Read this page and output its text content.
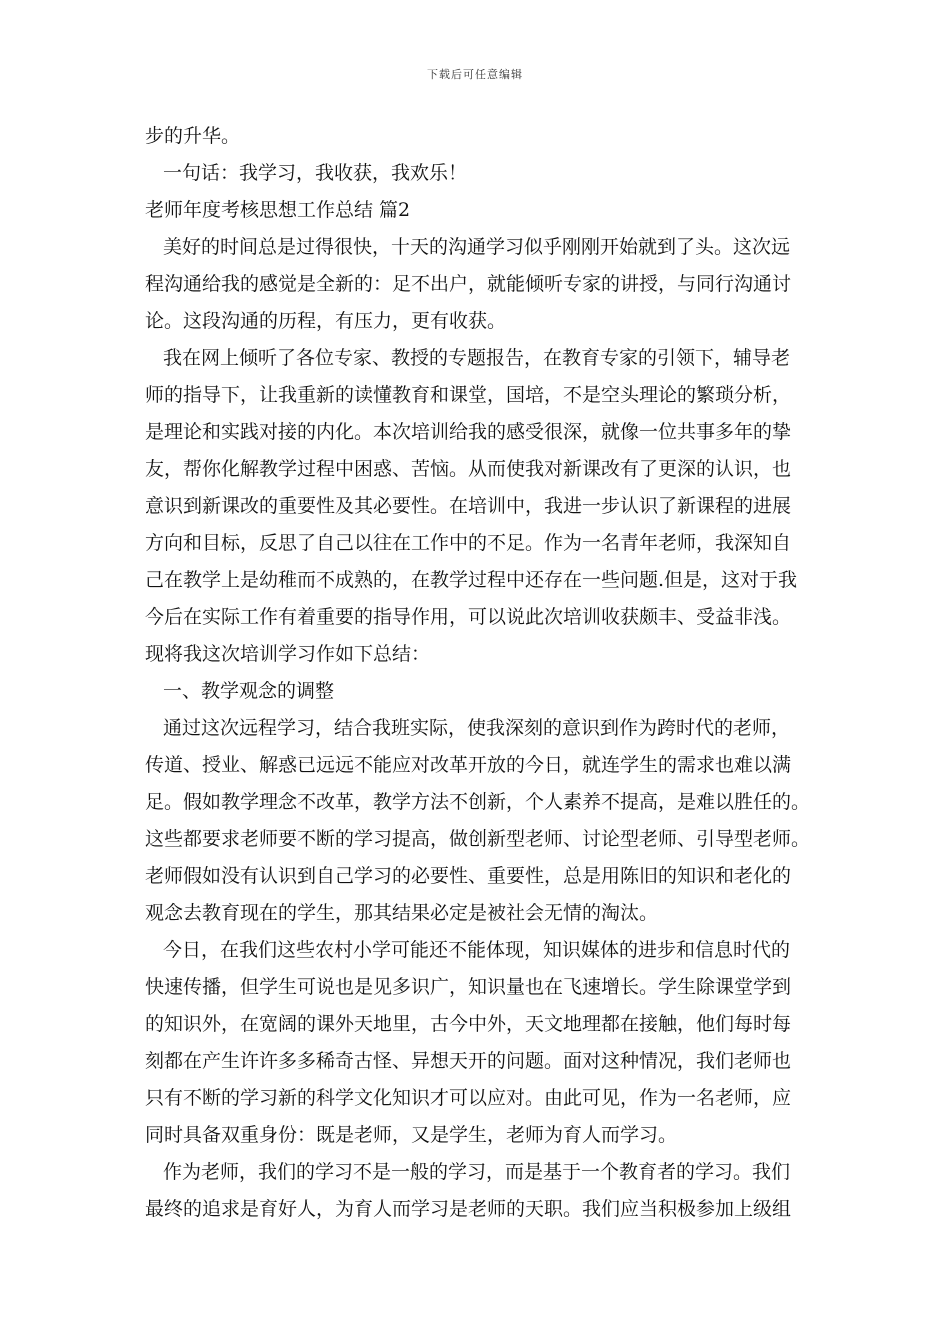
下载后可任意编辑
步的升华。
一句话：我学习，我收获，我欢乐！
老师年度考核思想工作总结 篇2
美好的时间总是过得很快，十天的沟通学习似乎刚刚开始就到了头。这次远
程沟通给我的感觉是全新的：足不出户，就能倾听专家的讲授，与同行沟通讨
论。这段沟通的历程，有压力，更有收获。
我在网上倾听了各位专家、教授的专题报告，在教育专家的引领下，辅导老
师的指导下，让我重新的读懂教育和课堂，国培，不是空头理论的繁琐分析，
是理论和实践对接的内化。本次培训给我的感受很深，就像一位共事多年的挚
友，帮你化解教学过程中困惑、苦恼。从而使我对新课改有了更深的认识，也
意识到新课改的重要性及其必要性。在培训中，我进一步认识了新课程的进展
方向和目标，反思了自己以往在工作中的不足。作为一名青年老师，我深知自
己在教学上是幼稚而不成熟的，在教学过程中还存在一些问题.但是，这对于我
今后在实际工作有着重要的指导作用，可以说此次培训收获颇丰、受益非浅。
现将我这次培训学习作如下总结：
一、教学观念的调整
通过这次远程学习，结合我班实际，使我深刻的意识到作为跨时代的老师，
传道、授业、解惑已远远不能应对改革开放的今日，就连学生的需求也难以满
足。假如教学理念不改革，教学方法不创新，个人素养不提高，是难以胜任的。
这些都要求老师要不断的学习提高，做创新型老师、讨论型老师、引导型老师。
老师假如没有认识到自己学习的必要性、重要性，总是用陈旧的知识和老化的
观念去教育现在的学生，那其结果必定是被社会无情的淘汰。
今日，在我们这些农村小学可能还不能体现，知识媒体的进步和信息时代的
快速传播，但学生可说也是见多识广，知识量也在飞速增长。学生除课堂学到
的知识外，在宽阔的课外天地里，古今中外，天文地理都在接触，他们每时每
刻都在产生许许多多稀奇古怪、异想天开的问题。面对这种情况，我们老师也
只有不断的学习新的科学文化知识才可以应对。由此可见，作为一名老师，应
同时具备双重身份：既是老师，又是学生，老师为育人而学习。
作为老师，我们的学习不是一般的学习，而是基于一个教育者的学习。我们
最终的追求是育好人，为育人而学习是老师的天职。我们应当积极参加上级组
